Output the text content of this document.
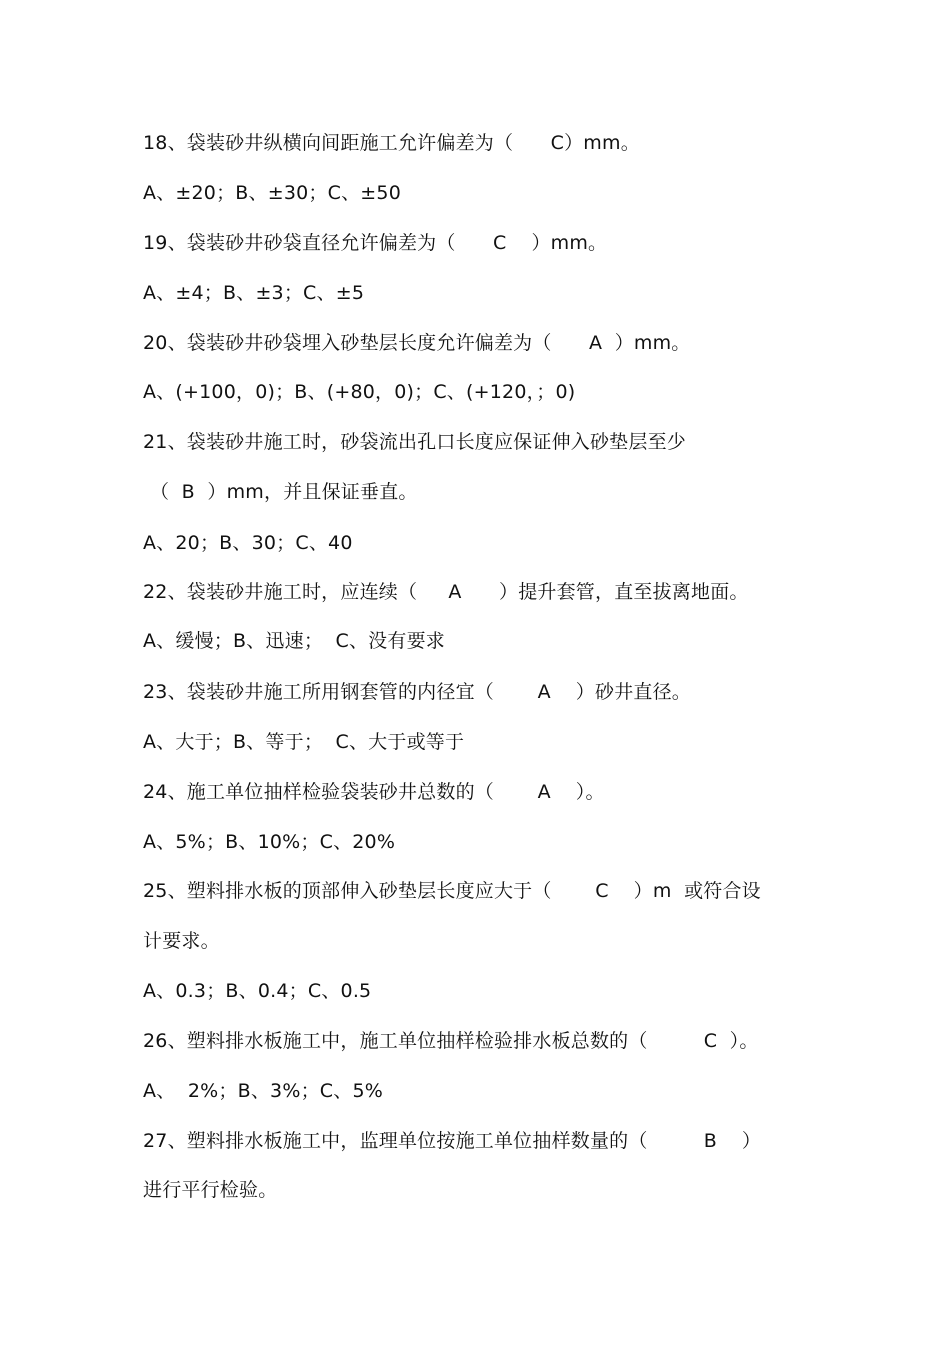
18、袋装砂井纵横向间距施工允许偏差为（      C）mm。
A、±20；B、±30；C、±50
19、袋装砂井砂袋直径允许偏差为（      C    ）mm。
A、±4；B、±3；C、±5
20、袋装砂井砂袋埋入砂垫层长度允许偏差为（      A  ）mm。
A、(+100，0)；B、(+80，0)；C、(+120，；0)
21、袋装砂井施工时，砂袋流出孔口长度应保证伸入砂垫层至少
（  B  ）mm，并且保证垂直。
A、20；B、30；C、40
22、袋装砂井施工时，应连续（     A      ）提升套管，直至拔离地面。
A、缓慢；B、迅速；  C、没有要求
23、袋装砂井施工所用钢套管的内径宜（       A    ）砂井直径。
A、大于；B、等于；  C、大于或等于
24、施工单位抽样检验袋装砂井总数的（       A    ）。
A、5%；B、10%；C、20%
25、塑料排水板的顶部伸入砂垫层长度应大于（       C    ）m  或符合设
计要求。
A、0.3；B、0.4；C、0.5
26、塑料排水板施工中，施工单位抽样检验排水板总数的（         C  ）。
A、  2%；B、3%；C、5%
27、塑料排水板施工中，监理单位按施工单位抽样数量的（         B    ）
进行平行检验。
